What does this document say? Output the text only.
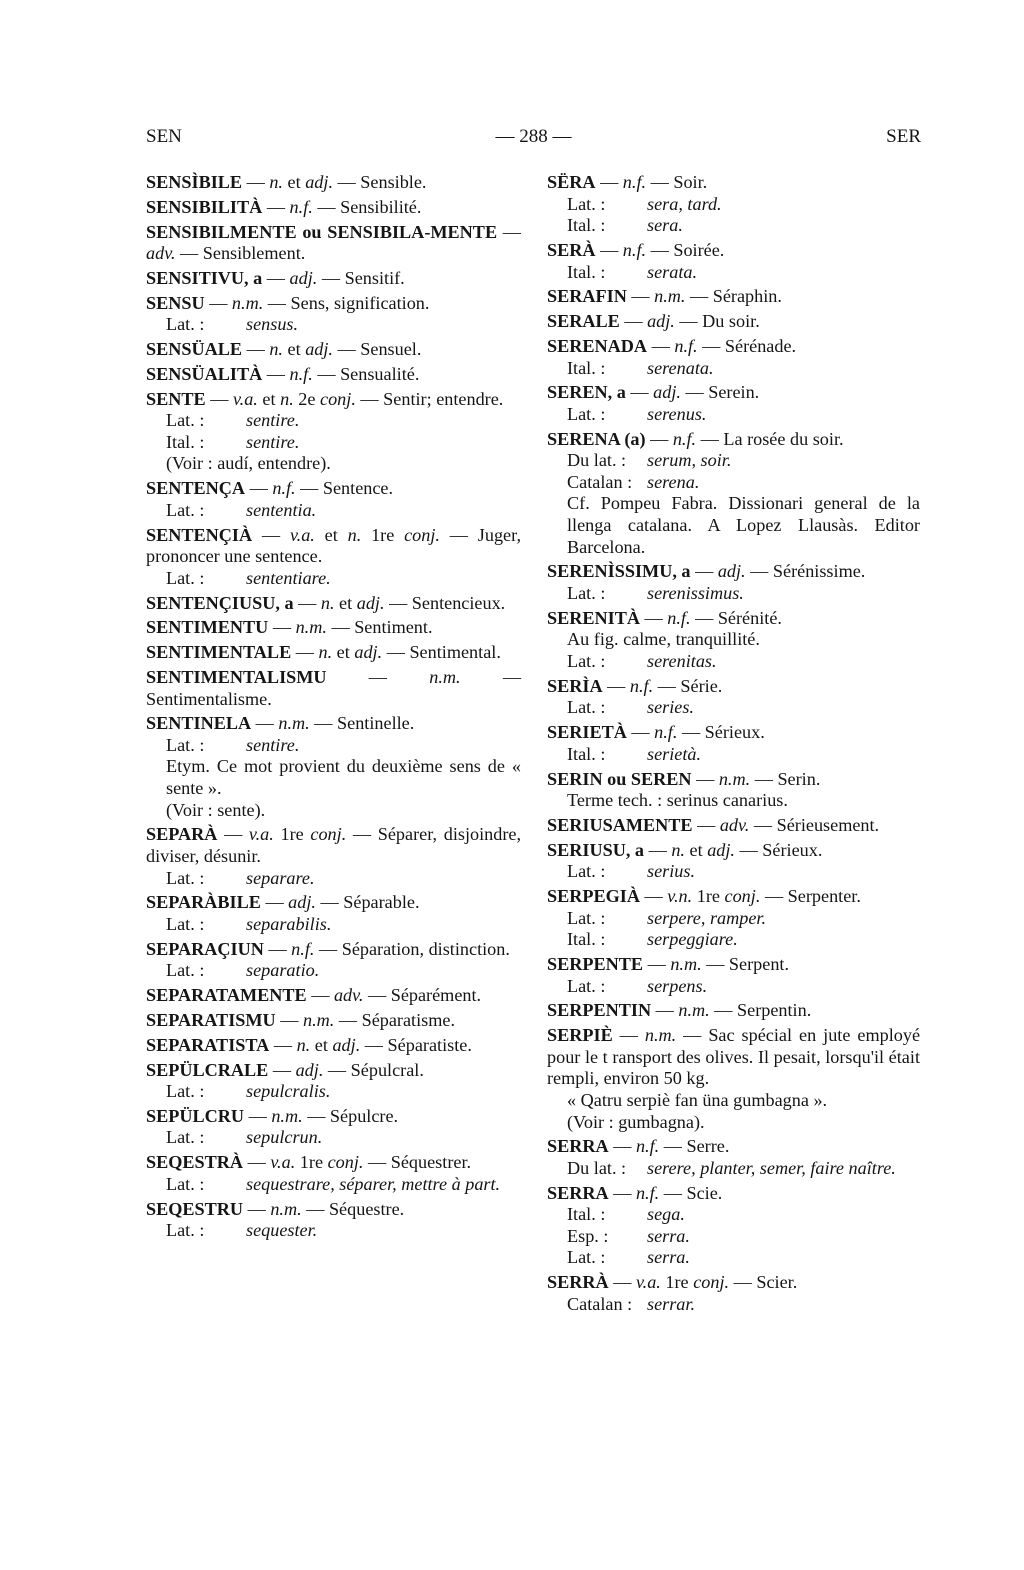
SEN	— 288 —	SER
SENSÌBILE — n. et adj. — Sensible.
SENSIBILITÀ — n.f. — Sensibilité.
SENSIBILMENTE ou SENSIBILA-MENTE — adv. — Sensiblement.
SENSITIVU, a — adj. — Sensitif.
SENSU — n.m. — Sens, signification.
Lat. : sensus.
SENSÜALE — n. et adj. — Sensuel.
SENSÜALITÀ — n.f. — Sensualité.
SENTE — v.a. et n. 2e conj. — Sentir; entendre.
Lat. : sentire.
Ital. : sentire.
(Voir : audí, entendre).
SENTENÇA — n.f. — Sentence.
Lat. : sententia.
SENTENÇIÀ — v.a. et n. 1re conj. — Juger, prononcer une sentence.
Lat. : sententiare.
SENTENÇIUSU, a — n. et adj. — Sentencieux.
SENTIMENTU — n.m. — Sentiment.
SENTIMENTALE — n. et adj. — Sentimental.
SENTIMENTALISMU — n.m. — Sentimentalisme.
SENTINELA — n.m. — Sentinelle.
Lat. : sentire.
Etym. Ce mot provient du deuxième sens de « sente ».
(Voir : sente).
SEPARÀ — v.a. 1re conj. — Séparer, disjoindre, diviser, désunir.
Lat. : separare.
SEPARÀBILE — adj. — Séparable.
Lat. : separabilis.
SEPARAÇIUN — n.f. — Séparation, distinction.
Lat. : separatio.
SEPARATAMENTE — adv. — Séparément.
SEPARATISMU — n.m. — Séparatisme.
SEPARATISTA — n. et adj. — Séparatiste.
SEPÜLCRALE — adj. — Sépulcral.
Lat. : sepulcralis.
SEPÜLCRU — n.m. — Sépulcre.
Lat. : sepulcrun.
SEQESTRÀ — v.a. 1re conj. — Séquestrer.
Lat. : sequestrare, séparer, mettre à part.
SEQESTRU — n.m. — Séquestre.
Lat. : sequester.
SËRA — n.f. — Soir.
Lat. : sera, tard.
Ital. : sera.
SERÀ — n.f. — Soirée.
Ital. : serata.
SERAFIN — n.m. — Séraphin.
SERALE — adj. — Du soir.
SERENADA — n.f. — Sérénade.
Ital. : serenata.
SEREN, a — adj. — Serein.
Lat. : serenus.
SERENA (a) — n.f. — La rosée du soir.
Du lat. : serum, soir.
Catalan : serena.
Cf. Pompeu Fabra. Dissionari general de la llenga catalana. A Lopez Llausàs. Editor Barcelona.
SERENÌSSIMU, a — adj. — Sérénissime.
Lat. : serenissimus.
SERENITÀ — n.f. — Sérénité.
Au fig. calme, tranquillité.
Lat. : serenitas.
SERÌA — n.f. — Série.
Lat. : series.
SERIETÀ — n.f. — Sérieux.
Ital. : serietà.
SERIN ou SEREN — n.m. — Serin.
Terme tech. : serinus canarius.
SERIUSAMENTE — adv. — Sérieusement.
SERIUSU, a — n. et adj. — Sérieux.
Lat. : serius.
SERPEGIÀ — v.n. 1re conj. — Serpenter.
Lat. : serpere, ramper.
Ital. : serpeggiare.
SERPENTE — n.m. — Serpent.
Lat. : serpens.
SERPENTIN — n.m. — Serpentin.
SERPIÈ — n.m. — Sac spécial en jute employé pour le t ransport des olives. Il pesait, lorsqu'il était rempli, environ 50 kg.
« Qatru serpiè fan üna gumbagna ».
(Voir : gumbagna).
SERRA — n.f. — Serre.
Du lat. : serere, planter, semer, faire naître.
SERRA — n.f. — Scie.
Ital. : sega.
Esp. : serra.
Lat. : serra.
SERRÀ — v.a. 1re conj. — Scier.
Catalan : serrar.
